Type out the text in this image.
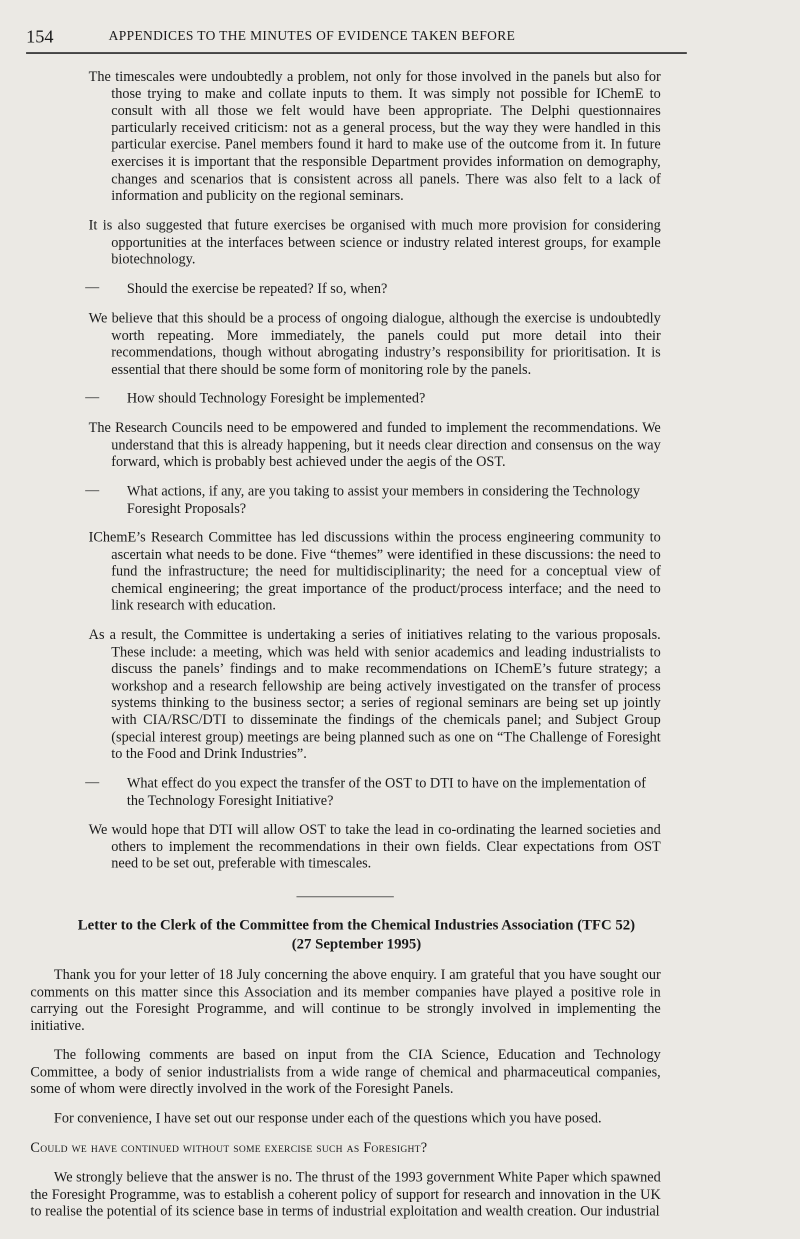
154	APPENDICES TO THE MINUTES OF EVIDENCE TAKEN BEFORE

The timescales were undoubtedly a problem, not only for those involved in the panels but also for those trying to make and collate inputs to them. It was simply not possible for IChemE to consult with all those we felt would have been appropriate. The Delphi questionnaires particularly received criticism: not as a general process, but the way they were handled in this particular exercise. Panel members found it hard to make use of the outcome from it. In future exercises it is important that the responsible Department provides information on demography, changes and scenarios that is consistent across all panels. There was also felt to a lack of information and publicity on the regional seminars.

It is also suggested that future exercises be organised with much more provision for considering opportunities at the interfaces between science or industry related interest groups, for example biotechnology.

—	Should the exercise be repeated? If so, when?

We believe that this should be a process of ongoing dialogue, although the exercise is undoubtedly worth repeating. More immediately, the panels could put more detail into their recommendations, though without abrogating industry’s responsibility for prioritisation. It is essential that there should be some form of monitoring role by the panels.

—	How should Technology Foresight be implemented?

The Research Councils need to be empowered and funded to implement the recommendations. We understand that this is already happening, but it needs clear direction and consensus on the way forward, which is probably best achieved under the aegis of the OST.

—	What actions, if any, are you taking to assist your members in considering the Technology Foresight Proposals?

IChemE’s Research Committee has led discussions within the process engineering community to ascertain what needs to be done. Five “themes” were identified in these discussions: the need to fund the infrastructure; the need for multidisciplinarity; the need for a conceptual view of chemical engineering; the great importance of the product/process interface; and the need to link research with education.

As a result, the Committee is undertaking a series of initiatives relating to the various proposals. These include: a meeting, which was held with senior academics and leading industrialists to discuss the panels’ findings and to make recommendations on IChemE’s future strategy; a workshop and a research fellowship are being actively investigated on the transfer of process systems thinking to the business sector; a series of regional seminars are being set up jointly with CIA/RSC/DTI to disseminate the findings of the chemicals panel; and Subject Group (special interest group) meetings are being planned such as one on “The Challenge of Foresight to the Food and Drink Industries”.

—	What effect do you expect the transfer of the OST to DTI to have on the implementation of the Technology Foresight Initiative?

We would hope that DTI will allow OST to take the lead in co-ordinating the learned societies and others to implement the recommendations in their own fields. Clear expectations from OST need to be set out, preferable with timescales.

Letter to the Clerk of the Committee from the Chemical Industries Association (TFC 52)
(27 September 1995)

Thank you for your letter of 18 July concerning the above enquiry. I am grateful that you have sought our comments on this matter since this Association and its member companies have played a positive role in carrying out the Foresight Programme, and will continue to be strongly involved in implementing the initiative.

The following comments are based on input from the CIA Science, Education and Technology Committee, a body of senior industrialists from a wide range of chemical and pharmaceutical companies, some of whom were directly involved in the work of the Foresight Panels.

For convenience, I have set out our response under each of the questions which you have posed.

Could we have continued without some exercise such as Foresight?

We strongly believe that the answer is no. The thrust of the 1993 government White Paper which spawned the Foresight Programme, was to establish a coherent policy of support for research and innovation in the UK to realise the potential of its science base in terms of industrial exploitation and wealth creation. Our industrial
